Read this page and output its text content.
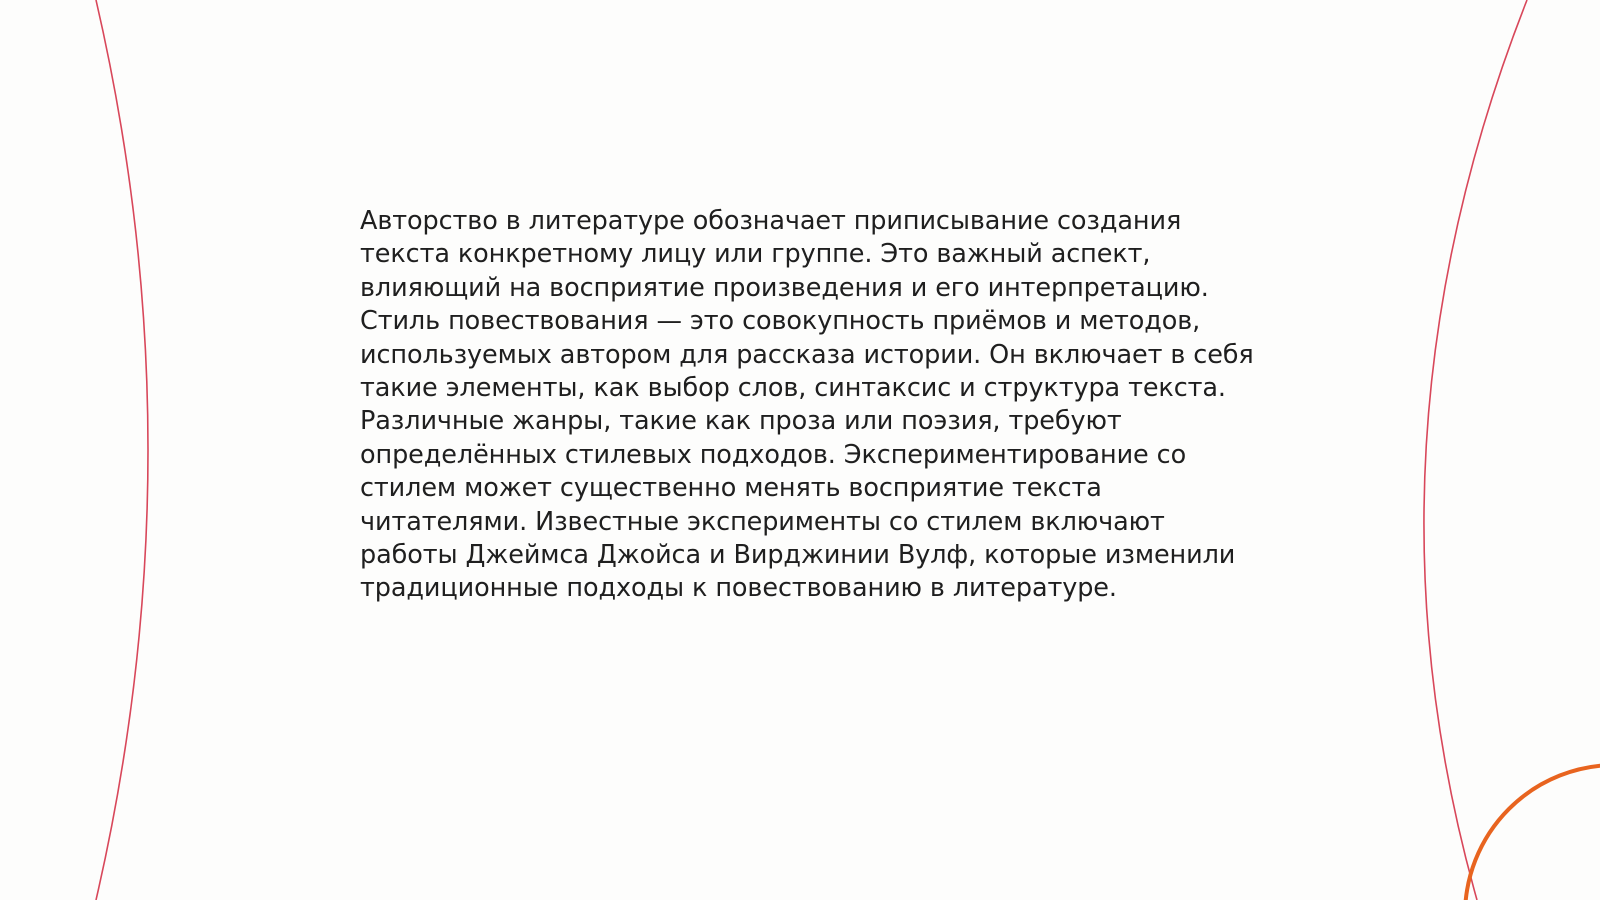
Авторство в литературе обозначает приписывание создания текста конкретному лицу или группе. Это важный аспект, влияющий на восприятие произведения и его интерпретацию. Стиль повествования — это совокупность приёмов и методов, используемых автором для рассказа истории. Он включает в себя такие элементы, как выбор слов, синтаксис и структура текста. Различные жанры, такие как проза или поэзия, требуют определённых стилевых подходов. Экспериментирование со стилем может существенно менять восприятие текста читателями. Известные эксперименты со стилем включают работы Джеймса Джойса и Вирджинии Вулф, которые изменили традиционные подходы к повествованию в литературе.
